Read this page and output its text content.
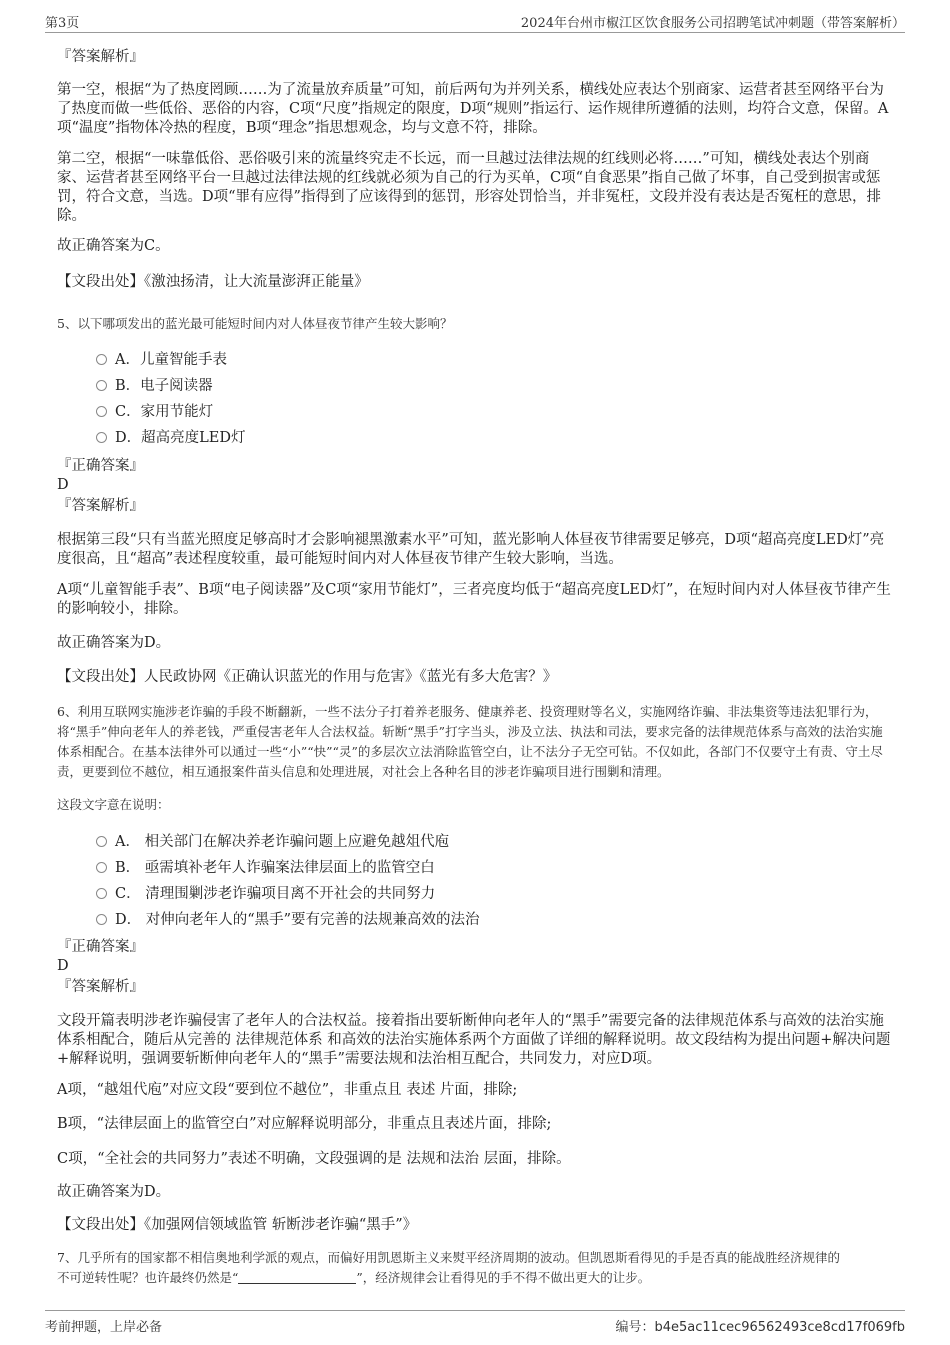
第3页	2024年台州市椒江区饮食服务公司招聘笔试冲刺题（带答案解析）

『答案解析』

第一空，根据“为了热度罔顾……为了流量放弃质量”可知，前后两句为并列关系，横线处应表达个别商家、运营者甚至网络平台为了热度而做一些低俗、恶俗的内容，C项“尺度”指规定的限度，D项“规则”指运行、运作规律所遵循的法则，均符合文意，保留。A项“温度”指物体冷热的程度，B项“理念”指思想观念，均与文意不符，排除。

第二空，根据“一味靠低俗、恶俗吸引来的流量终究走不长远，而一旦越过法律法规的红线则必将……”可知，横线处表达个别商家、运营者甚至网络平台一旦越过法律法规的红线就必须为自己的行为买单，C项“自食恶果”指自己做了坏事，自己受到损害或惩罚，符合文意，当选。D项“罪有应得”指得到了应该得到的惩罚，形容处罚恰当，并非冤枉，文段并没有表达是否冤枉的意思，排除。

故正确答案为C。

【文段出处】《激浊扬清，让大流量澎湃正能量》

5、以下哪项发出的蓝光最可能短时间内对人体昼夜节律产生较大影响？

A．儿童智能手表
B．电子阅读器
C．家用节能灯
D．超高亮度LED灯

『正确答案』

D

『答案解析』

根据第三段“只有当蓝光照度足够高时才会影响褪黑激素水平”可知，蓝光影响人体昼夜节律需要足够亮，D项“超高亮度LED灯”亮度很高，且“超高”表述程度较重，最可能短时间内对人体昼夜节律产生较大影响，当选。

A项“儿童智能手表”、B项“电子阅读器”及C项“家用节能灯”，三者亮度均低于“超高亮度LED灯”，在短时间内对人体昼夜节律产生的影响较小，排除。

故正确答案为D。

【文段出处】人民政协网《正确认识蓝光的作用与危害》《蓝光有多大危害？》

6、利用互联网实施涉老诈骗的手段不断翻新，一些不法分子打着养老服务、健康养老、投资理财等名义，实施网络诈骗、非法集资等违法犯罪行为，将“黑手”伸向老年人的养老钱，严重侵害老年人合法权益。斩断“黑手”打字当头，涉及立法、执法和司法，要求完备的法律规范体系与高效的法治实施体系相配合。在基本法律外可以通过一些“小”“快”“灵”的多层次立法消除监管空白，让不法分子无空可钻。不仅如此，各部门不仅要守土有责、守土尽责，更要到位不越位，相互通报案件苗头信息和处理进展，对社会上各种名目的涉老诈骗项目进行围剿和清理。

这段文字意在说明：

A． 相关部门在解决养老诈骗问题上应避免越俎代庖
B． 亟需填补老年人诈骗案法律层面上的监管空白
C． 清理围剿涉老诈骗项目离不开社会的共同努力
D． 对伸向老年人的“黑手”要有完善的法规兼高效的法治

『正确答案』

D

『答案解析』

文段开篇表明涉老诈骗侵害了老年人的合法权益。接着指出要斩断伸向老年人的“黑手”需要完备的法律规范体系与高效的法治实施体系相配合，随后从完善的 法律规范体系 和高效的法治实施体系两个方面做了详细的解释说明。故文段结构为提出问题+解决问题+解释说明，强调要斩断伸向老年人的“黑手”需要法规和法治相互配合，共同发力，对应D项。

A项，“越俎代庖”对应文段“要到位不越位”，非重点且 表述 片面，排除;

B项，“法律层面上的监管空白”对应解释说明部分，非重点且表述片面，排除;

C项，“全社会的共同努力”表述不明确，文段强调的是 法规和法治 层面，排除。

故正确答案为D。

【文段出处】《加强网信领域监管 斩断涉老诈骗“黑手”》

7、几乎所有的国家都不相信奥地利学派的观点，而偏好用凯恩斯主义来熨平经济周期的波动。但凯恩斯看得见的手是否真的能战胜经济规律的
不可逆转性呢？也许最终仍然是“	”，经济规律会让看得见的手不得不做出更大的让步。

考前押题，上岸必备	编号：b4e5ac11cec96562493ce8cd17f069fb
